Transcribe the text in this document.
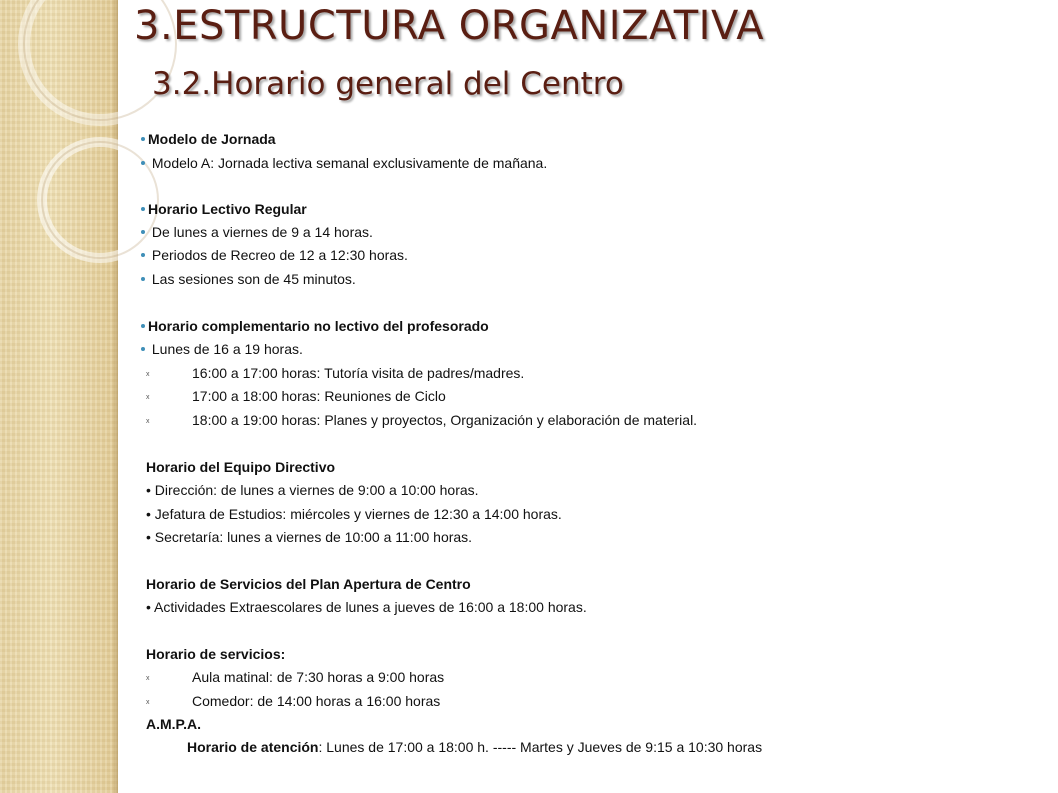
3.ESTRUCTURA ORGANIZATIVA
3.2.Horario general del Centro
Modelo de Jornada
Modelo A: Jornada lectiva semanal exclusivamente de mañana.
Horario Lectivo Regular
De lunes a viernes de 9 a 14 horas.
Periodos de Recreo de 12 a 12:30 horas.
Las sesiones son de 45 minutos.
Horario complementario no lectivo del profesorado
Lunes de 16 a 19 horas.
x	16:00 a 17:00 horas: Tutoría visita de padres/madres.
x	17:00 a 18:00 horas: Reuniones de Ciclo
x	18:00 a 19:00 horas: Planes y proyectos, Organización y elaboración de material.
Horario del Equipo Directivo
• Dirección: de lunes a viernes de 9:00 a 10:00 horas.
• Jefatura de Estudios: miércoles y viernes de 12:30 a 14:00 horas.
• Secretaría: lunes a viernes de 10:00 a 11:00 horas.
Horario de Servicios del Plan Apertura de Centro
• Actividades Extraescolares de lunes a jueves de 16:00 a 18:00 horas.
Horario de servicios:
x	Aula matinal: de 7:30 horas a 9:00 horas
x	Comedor: de 14:00 horas a 16:00 horas
A.M.P.A.
Horario de atención: Lunes de 17:00 a 18:00 h. ----- Martes y Jueves de 9:15 a 10:30 horas
